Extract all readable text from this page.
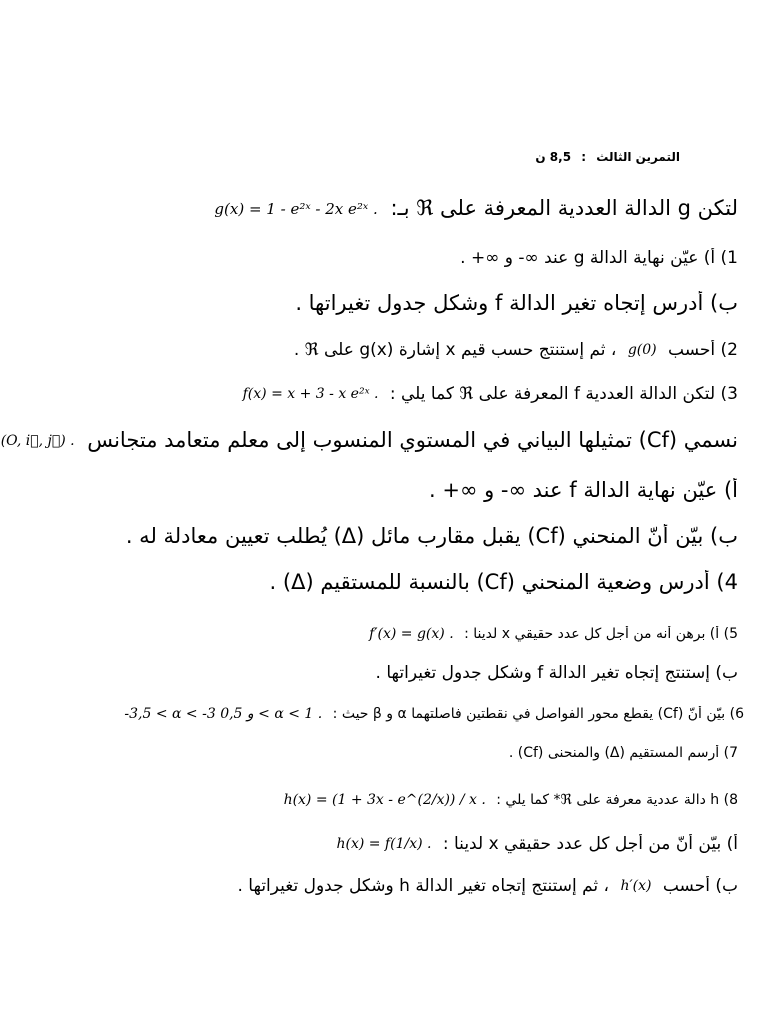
التمرين الثالث : 8,5 ن
لتكن g الدالة العددية المعرفة على ℜ بـ: g(x) = 1 - e²ˣ - 2x e²ˣ .
1) أ) عيّن نهاية الدالة g عند ∞- و ∞+ .
ب) أدرس إتجاه تغير الدالة f وشكل جدول تغيراتها .
2) أحسب g(0) ، ثم إستنتج حسب قيم x إشارة g(x) على ℜ .
3) لتكن الدالة العددية f المعرفة على ℜ كما يلي : f(x) = x + 3 - x e²ˣ .
نسمي (Cf) تمثيلها البياني في المستوي المنسوب إلى معلم متعامد متجانس (O, i⃗, j⃗) .
أ) عيّن نهاية الدالة f عند ∞- و ∞+ .
ب) بيّن أنّ المنحني (Cf) يقبل مقارب مائل (Δ) يُطلب تعيين معادلة له .
4) أدرس وضعية المنحني (Cf) بالنسبة للمستقيم (Δ) .
5) أ) برهن أنه من أجل كل عدد حقيقي x لدينا : f′(x) = g(x) .
ب) إستنتج إتجاه تغير الدالة f وشكل جدول تغيراتها .
6) بيّن أنّ (Cf) يقطع محور الفواصل في نقطتين فاصلتهما α و β حيث : -3,5 < α < -3 و 0,5 < α < 1 .
7) أرسم المستقيم (Δ) والمنحنى (Cf) .
8) h دالة عددية معرفة على ℜ* كما يلي : h(x) = (1 + 3x - e^(2/x)) / x .
أ) بيّن أنّ من أجل كل عدد حقيقي x لدينا : h(x) = f(1/x) .
ب) أحسب h′(x) ، ثم إستنتج إتجاه تغير الدالة h وشكل جدول تغيراتها .
